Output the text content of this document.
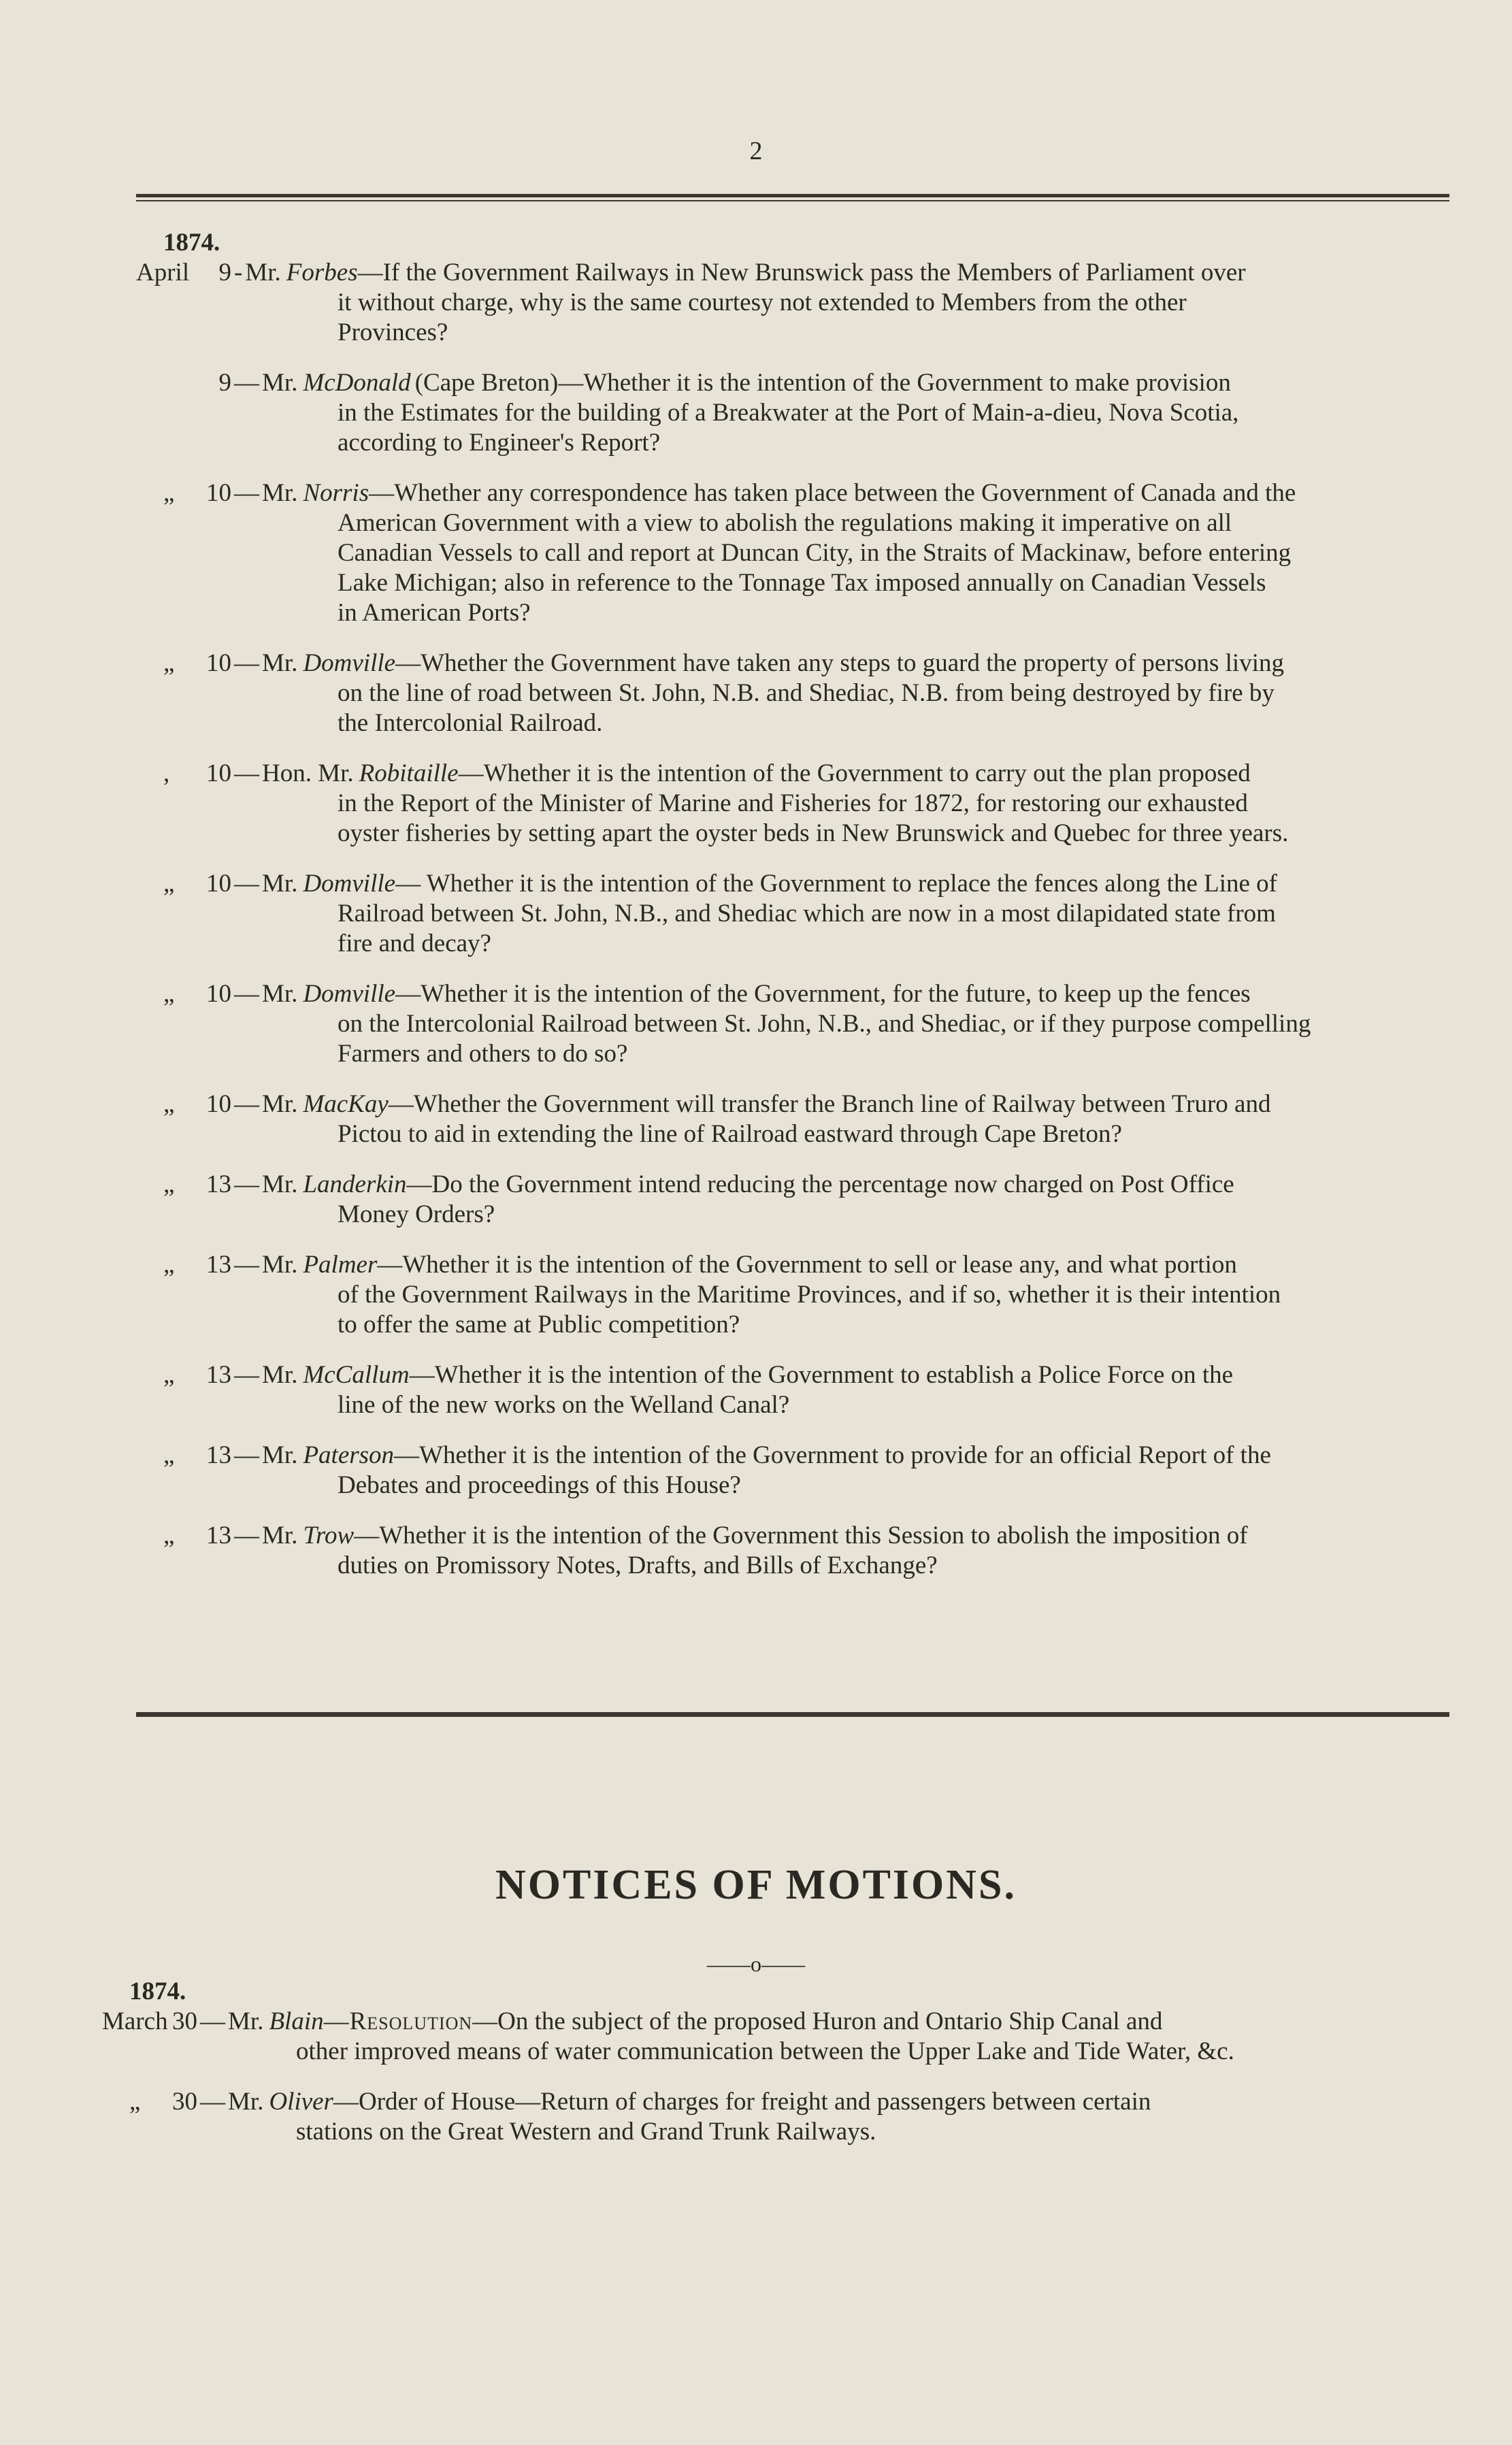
2
1874.
April	9 - Mr. Forbes —If the Government Railways in New Brunswick pass the Members of Parliament over
it without charge, why is the same courtesy not extended to Members from the other
Provinces?
9 — Mr. McDonald (Cape Breton) —Whether it is the intention of the Government to make provision
in the Estimates for the building of a Breakwater at the Port of Main-a-dieu, Nova Scotia,
according to Engineer's Report?
„	10 — Mr. Norris —Whether any correspondence has taken place between the Government of Canada and the
American Government with a view to abolish the regulations making it imperative on all
Canadian Vessels to call and report at Duncan City, in the Straits of Mackinaw, before entering
Lake Michigan; also in reference to the Tonnage Tax imposed annually on Canadian Vessels
in American Ports?
„	10 — Mr. Domville —Whether the Government have taken any steps to guard the property of persons living
on the line of road between St. John, N.B. and Shediac, N.B. from being destroyed by fire by
the Intercolonial Railroad.
,	10 — Hon. Mr. Robitaille —Whether it is the intention of the Government to carry out the plan proposed
in the Report of the Minister of Marine and Fisheries for 1872, for restoring our exhausted
oyster fisheries by setting apart the oyster beds in New Brunswick and Quebec for three years.
„	10 — Mr. Domville — Whether it is the intention of the Government to replace the fences along the Line of
Railroad between St. John, N.B., and Shediac which are now in a most dilapidated state from
fire and decay?
„	10 — Mr. Domville —Whether it is the intention of the Government, for the future, to keep up the fences
on the Intercolonial Railroad between St. John, N.B., and Shediac, or if they purpose compelling
Farmers and others to do so?
„	10 — Mr. MacKay —Whether the Government will transfer the Branch line of Railway between Truro and
Pictou to aid in extending the line of Railroad eastward through Cape Breton?
„	13 — Mr. Landerkin —Do the Government intend reducing the percentage now charged on Post Office
Money Orders?
„	13 — Mr. Palmer —Whether it is the intention of the Government to sell or lease any, and what portion
of the Government Railways in the Maritime Provinces, and if so, whether it is their intention
to offer the same at Public competition?
„	13 — Mr. McCallum —Whether it is the intention of the Government to establish a Police Force on the
line of the new works on the Welland Canal?
„	13 — Mr. Paterson —Whether it is the intention of the Government to provide for an official Report of the
Debates and proceedings of this House?
„	13 — Mr. Trow —Whether it is the intention of the Government this Session to abolish the imposition of
duties on Promissory Notes, Drafts, and Bills of Exchange?
NOTICES OF MOTIONS.
——o——
1874.
March 30 — Mr. Blain —Resolution —On the subject of the proposed Huron and Ontario Ship Canal and
other improved means of water communication between the Upper Lake and Tide Water, &c.
„	30 — Mr. Oliver —Order of House—Return of charges for freight and passengers between certain
stations on the Great Western and Grand Trunk Railways.
